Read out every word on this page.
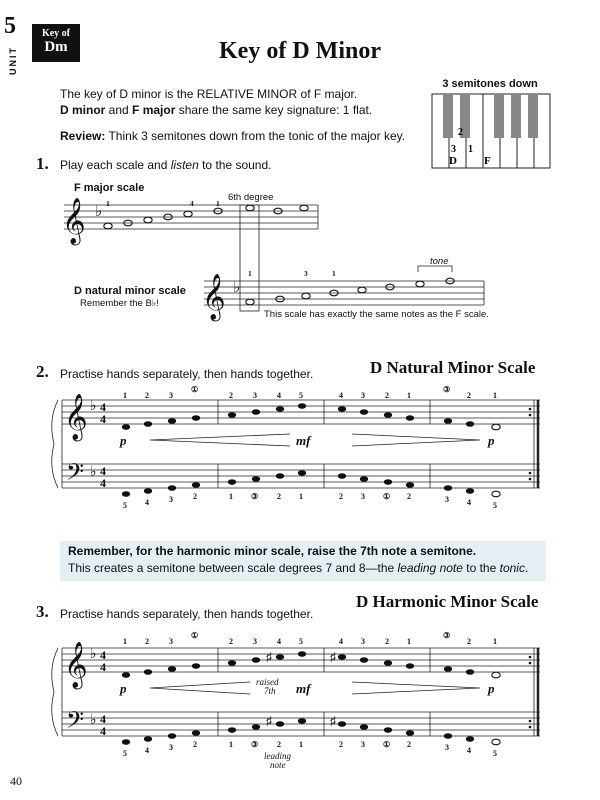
5
UNIT
Key of
Dm	Key of D Minor

The key of D minor is the RELATIVE MINOR of F major.

D minor and F major share the same key signature: 1 flat.

Review: Think 3 semitones down from the tonic of the major key.

3 semitones down
2
3 1
D F
1. Play each scale and listen to the sound.
F major scale
6th degree
D natural minor scale
Remember the B♭!
tone
This scale has exactly the same notes as the F scale.
𝄞
𝄞
♭
♭
1	4	1
1	3	1
𝄞
𝄢
♭
♭
4
4
4
4
1 2	3
①
2	3	4 5	4 3	2 1
③
2	1
5 4	3	2	1 ③ 2 1	2 3 ① 2	3 4	5
p	mf	p
𝄞
𝄢
♭
♭
4
4
4
4
♯	♯
♯	♯
1 2	3
①
2	3	4 5	4 3	2 1
③
2	1
5 4	3	2	1 ③ 2 1	2 3 ① 2	3 4	5
p	mf	p
raised
7th
leading
note
2. Practise hands separately, then hands together.	D Natural Minor Scale

Remember, for the harmonic minor scale, raise the 7th note a semitone.

This creates a semitone between scale degrees 7 and 8—the leading note to the tonic.

3. Practise hands separately, then hands together.
D Harmonic Minor Scale
40
